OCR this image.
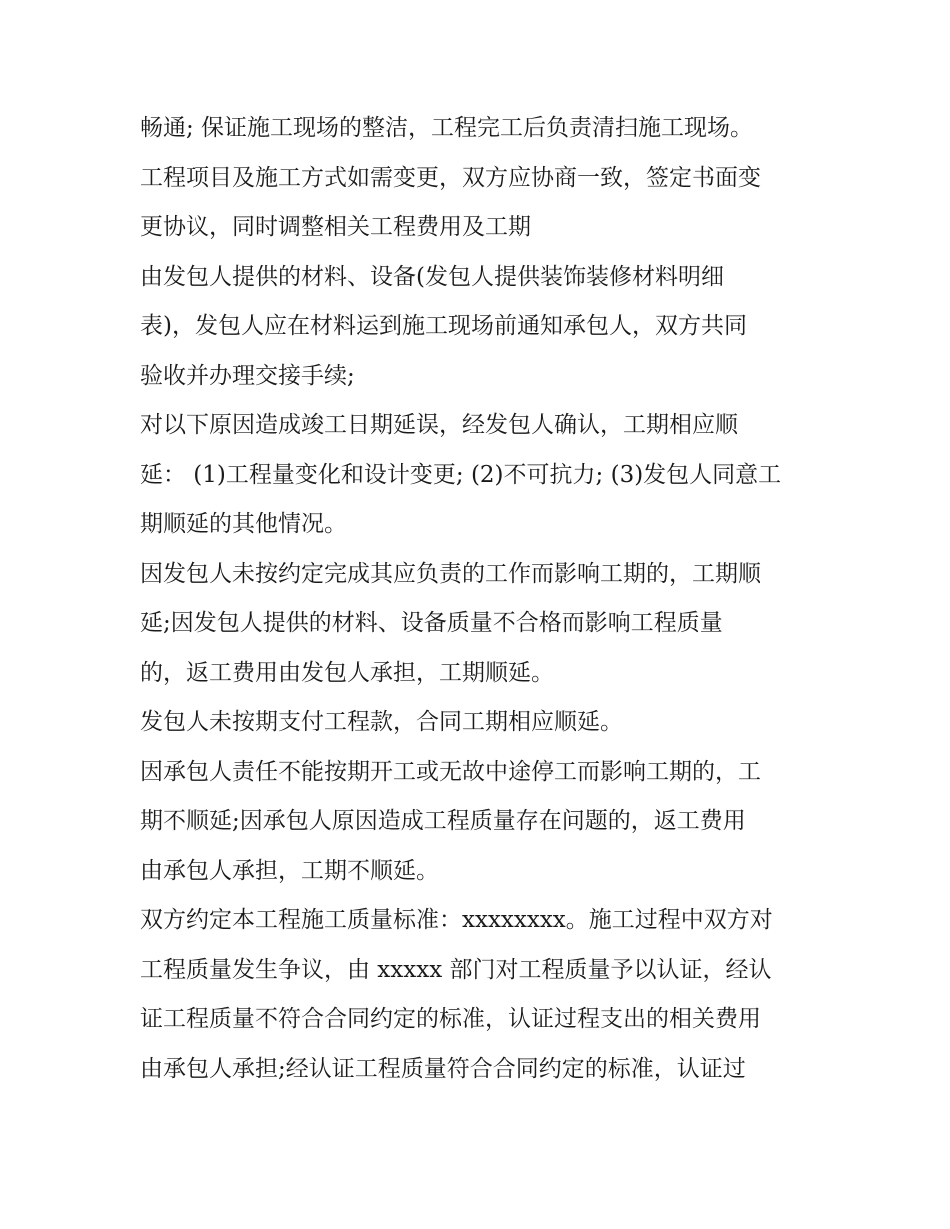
畅通; 保证施工现场的整洁，工程完工后负责清扫施工现场。
工程项目及施工方式如需变更，双方应协商一致，签定书面变
更协议，同时调整相关工程费用及工期
由发包人提供的材料、设备(发包人提供装饰装修材料明细
表)，发包人应在材料运到施工现场前通知承包人，双方共同
验收并办理交接手续;
对以下原因造成竣工日期延误，经发包人确认，工期相应顺
延： (1)工程量变化和设计变更; (2)不可抗力; (3)发包人同意工
期顺延的其他情况。
因发包人未按约定完成其应负责的工作而影响工期的，工期顺
延;因发包人提供的材料、设备质量不合格而影响工程质量
的，返工费用由发包人承担，工期顺延。
发包人未按期支付工程款，合同工期相应顺延。
因承包人责任不能按期开工或无故中途停工而影响工期的，工
期不顺延;因承包人原因造成工程质量存在问题的，返工费用
由承包人承担，工期不顺延。
双方约定本工程施工质量标准：xxxxxxxx。施工过程中双方对
工程质量发生争议，由 xxxxx 部门对工程质量予以认证，经认
证工程质量不符合合同约定的标准，认证过程支出的相关费用
由承包人承担;经认证工程质量符合合同约定的标准，认证过
